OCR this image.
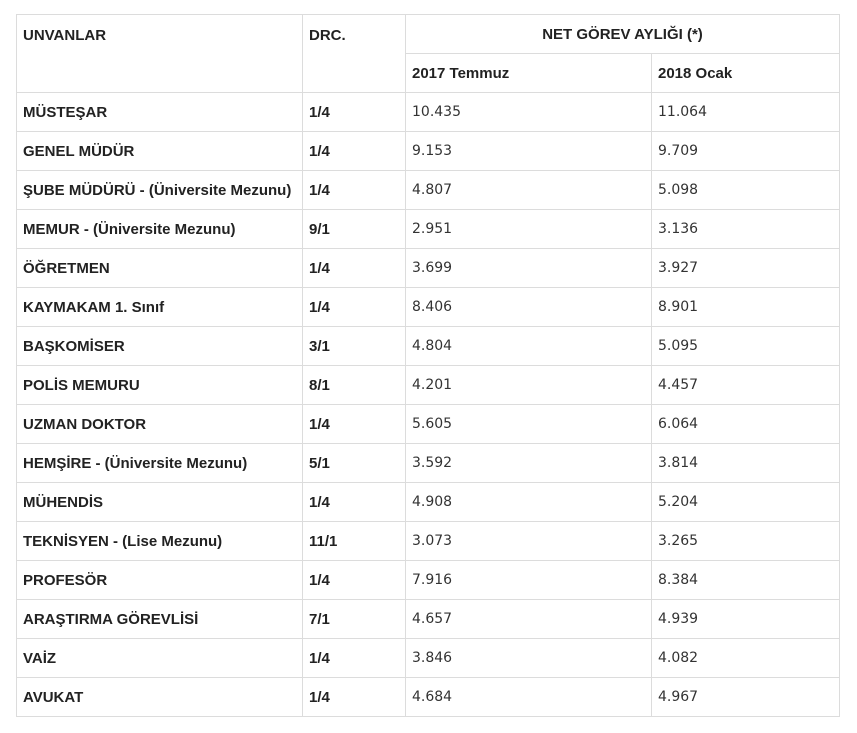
UNVANLAR	DRC.	NET GÖREV AYLIĞI (*)	
		2017 Temmuz	2018 Ocak
MÜSTEŞAR	1/4	10.435	11.064
GENEL MÜDÜR	1/4	9.153	9.709
ŞUBE MÜDÜRÜ - (Üniversite Mezunu)	1/4	4.807	5.098
MEMUR - (Üniversite Mezunu)	9/1	2.951	3.136
ÖĞRETMEN	1/4	3.699	3.927
KAYMAKAM 1. Sınıf	1/4	8.406	8.901
BAŞKOMİSER	3/1	4.804	5.095
POLİS MEMURU	8/1	4.201	4.457
UZMAN DOKTOR	1/4	5.605	6.064
HEMŞİRE - (Üniversite Mezunu)	5/1	3.592	3.814
MÜHENDİS	1/4	4.908	5.204
TEKNİSYEN - (Lise Mezunu)	11/1	3.073	3.265
PROFESÖR	1/4	7.916	8.384
ARAŞTIRMA GÖREVLİSİ	7/1	4.657	4.939
VAİZ	1/4	3.846	4.082
AVUKAT	1/4	4.684	4.967
